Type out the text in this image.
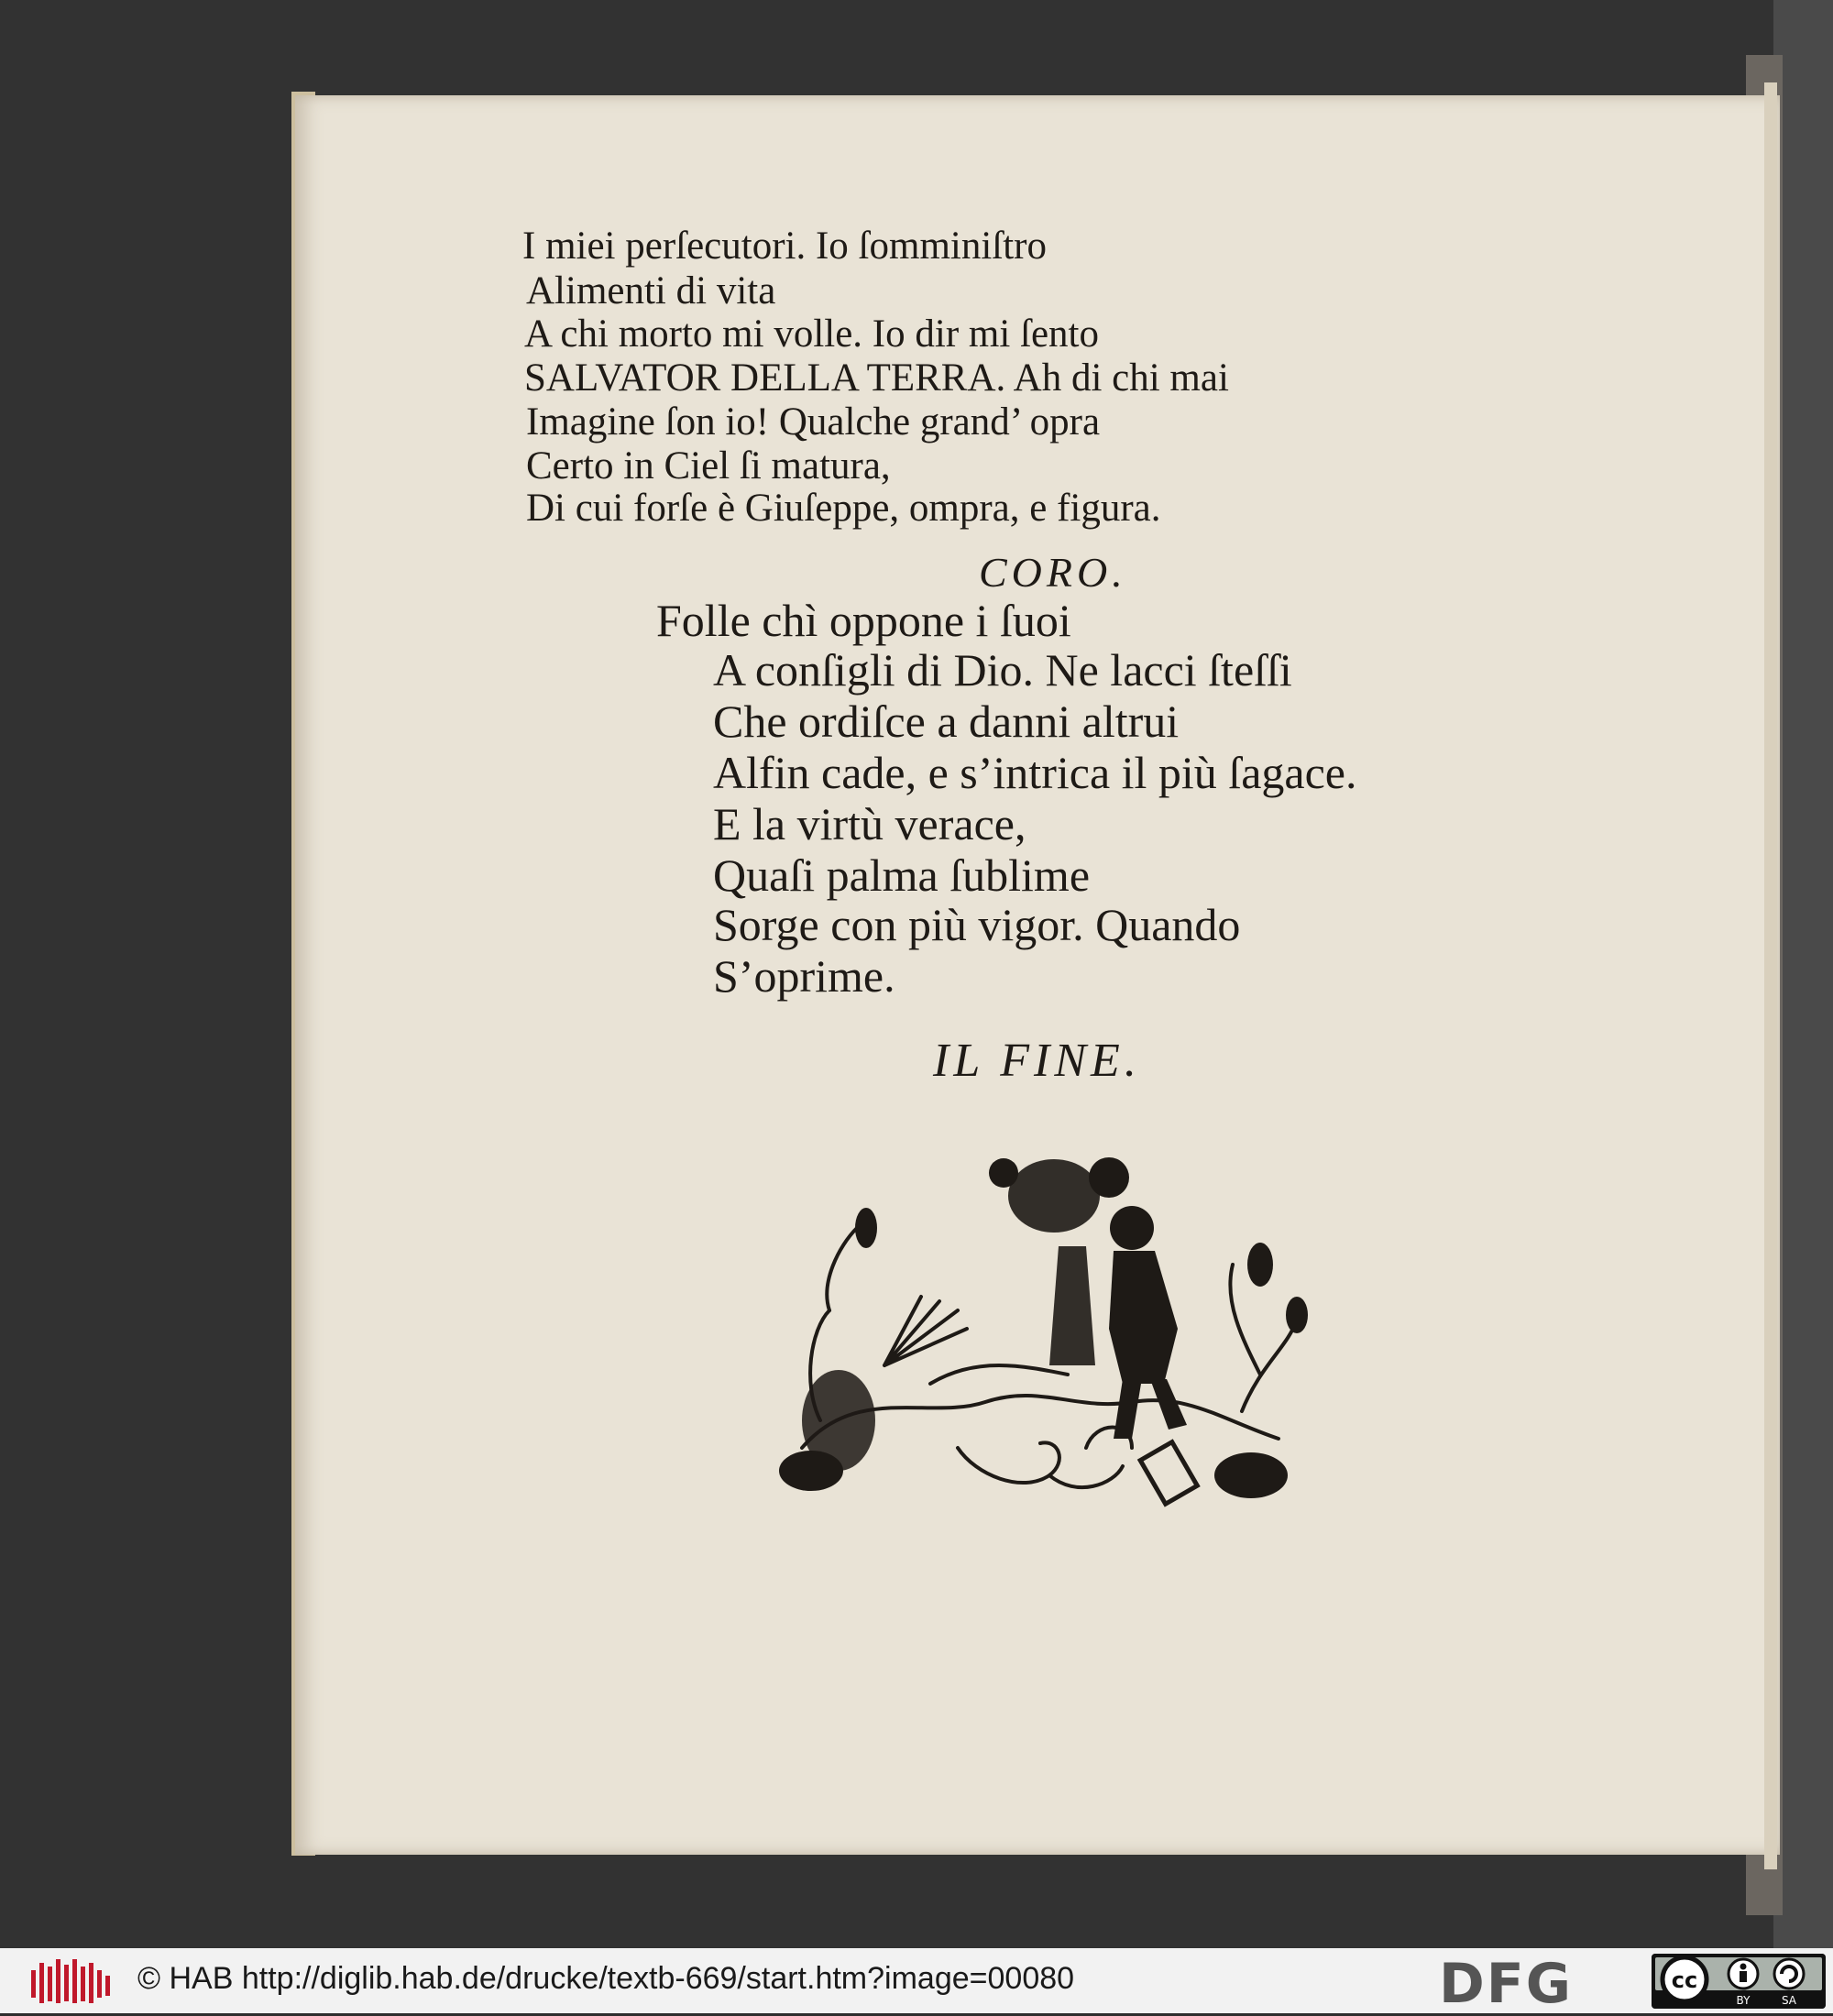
I miei perſecutori. Io ſomminiſtro
Alimenti di vita
A chi morto mi volle. Io dir mi ſento
SALVATOR DELLA TERRA. Ah di chi mai
Imagine ſon io! Qualche grand’ opra
Certo in Ciel ſi matura,
Di cui forſe è Giuſeppe, ompra, e figura.
CORO.
Folle chì oppone i ſuoi
A conſigli di Dio. Ne lacci ſteſſi
Che ordiſce a danni altrui
Alfin cade, e s’intrica il più ſagace.
E la virtù verace,
Quaſi palma ſublime
Sorge con più vigor. Quando
S’oprime.
IL FINE.
© HAB http://diglib.hab.de/drucke/textb-669/start.htm?image=00080	DFG	cc
BY	SA
